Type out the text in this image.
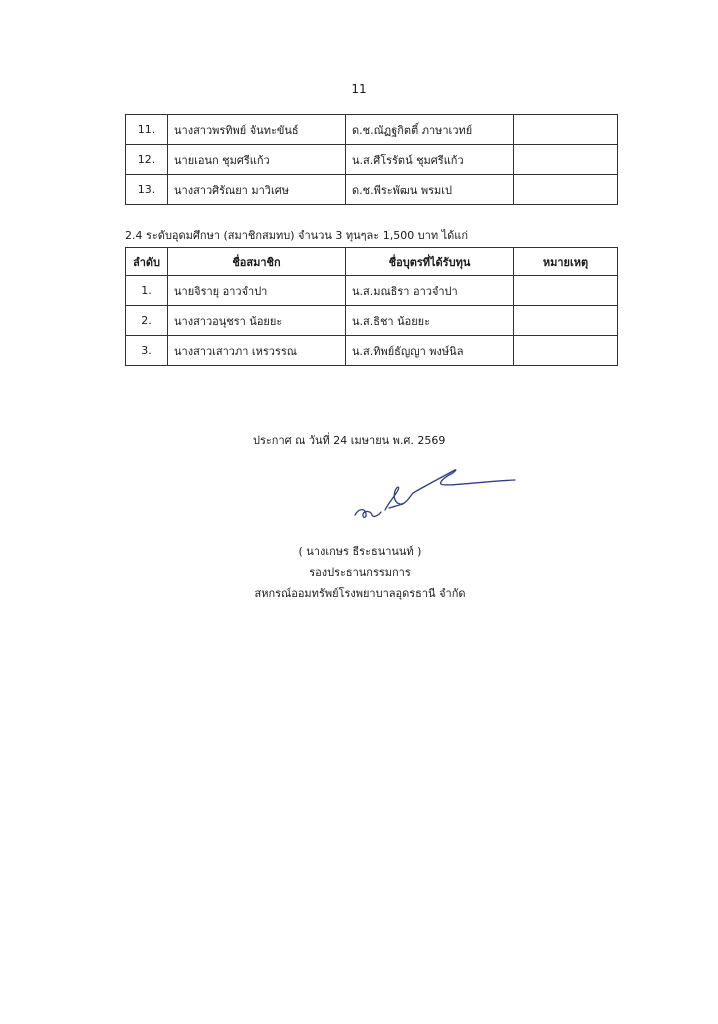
11
11.	นางสาวพรทิพย์ จันทะขันธ์	ด.ช.ณัฏฐกิตติ์ ภาษาเวทย์	
12.	นายเอนก ชุมศรีแก้ว	น.ส.ศีโรรัตน์ ชุมศรีแก้ว	
13.	นางสาวศิรัณยา มาวิเศษ	ด.ช.พีระพัฒน พรมเป	
2.4 ระดับอุดมศึกษา (สมาชิกสมทบ) จำนวน 3 ทุนๆละ 1,500 บาท ได้แก่
ลำดับ	ชื่อสมาชิก	ชื่อบุตรที่ได้รับทุน	หมายเหตุ
1.	นายจิรายุ อาวจำปา	น.ส.มณธิรา อาวจำปา	
2.	นางสาวอนุชรา น้อยยะ	น.ส.ธิชา น้อยยะ	
3.	นางสาวเสาวภา เหรวรรณ	น.ส.ทิพย์ธัญญา พงษ์นิล	
ประกาศ ณ วันที่ 24 เมษายน พ.ศ. 2569
( นางเกษร ธีระธนานนท์ )
รองประธานกรรมการ
สหกรณ์ออมทรัพย์โรงพยาบาลอุดรธานี จำกัด
